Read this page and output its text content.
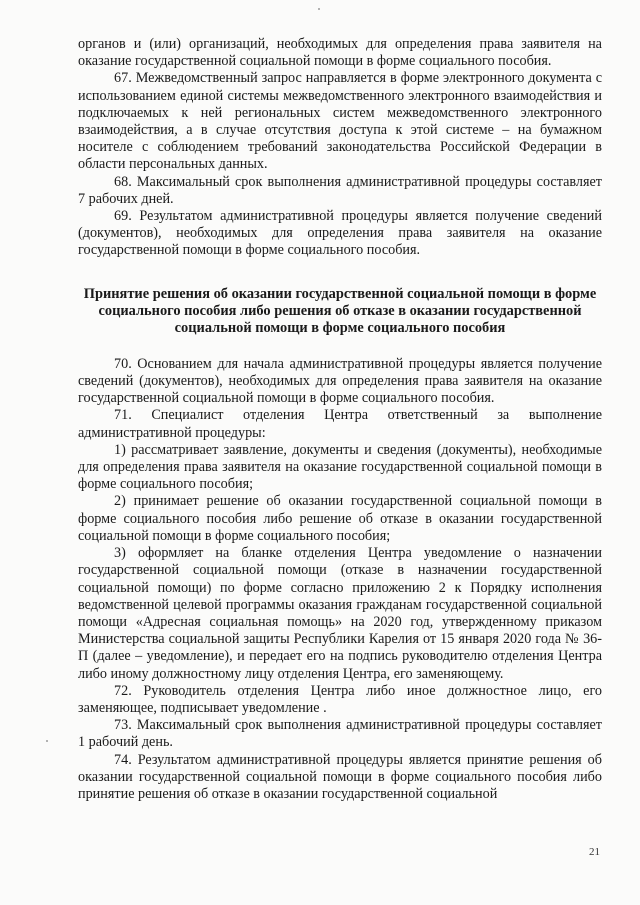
органов и (или) организаций, необходимых для определения права заявителя на оказание государственной социальной помощи в форме социального пособия.

67. Межведомственный запрос направляется в форме электронного документа с использованием единой системы межведомственного электронного взаимодействия и подключаемых к ней региональных систем межведомственного электронного взаимодействия, а в случае отсутствия доступа к этой системе – на бумажном носителе с соблюдением требований законодательства Российской Федерации в области персональных данных.

68. Максимальный срок выполнения административной процедуры составляет 7 рабочих дней.

69. Результатом административной процедуры является получение сведений (документов), необходимых для определения права заявителя на оказание государственной помощи в форме социального пособия.

Принятие решения об оказании государственной социальной помощи в форме социального пособия либо решения об отказе в оказании государственной социальной помощи в форме социального пособия

70. Основанием для начала административной процедуры является получение сведений (документов), необходимых для определения права заявителя на оказание государственной социальной помощи в форме социального пособия.

71. Специалист отделения Центра ответственный за выполнение административной процедуры:

1) рассматривает заявление, документы и сведения (документы), необходимые для определения права заявителя на оказание государственной социальной помощи в форме социального пособия;

2) принимает решение об оказании государственной социальной помощи в форме социального пособия либо решение об отказе в оказании государственной социальной помощи в форме социального пособия;

3) оформляет на бланке отделения Центра уведомление о назначении государственной социальной помощи (отказе в назначении государственной социальной помощи) по форме согласно приложению 2 к Порядку исполнения ведомственной целевой программы оказания гражданам государственной социальной помощи «Адресная социальная помощь» на 2020 год, утвержденному приказом Министерства социальной защиты Республики Карелия от 15 января 2020 года № 36-П (далее – уведомление), и передает его на подпись руководителю отделения Центра либо иному должностному лицу отделения Центра, его заменяющему.

72. Руководитель отделения Центра либо иное должностное лицо, его заменяющее, подписывает уведомление .

73. Максимальный срок выполнения административной процедуры составляет 1 рабочий день.

74. Результатом административной процедуры является принятие решения об оказании государственной социальной помощи в форме социального пособия либо принятие решения об отказе в оказании государственной социальной

21
